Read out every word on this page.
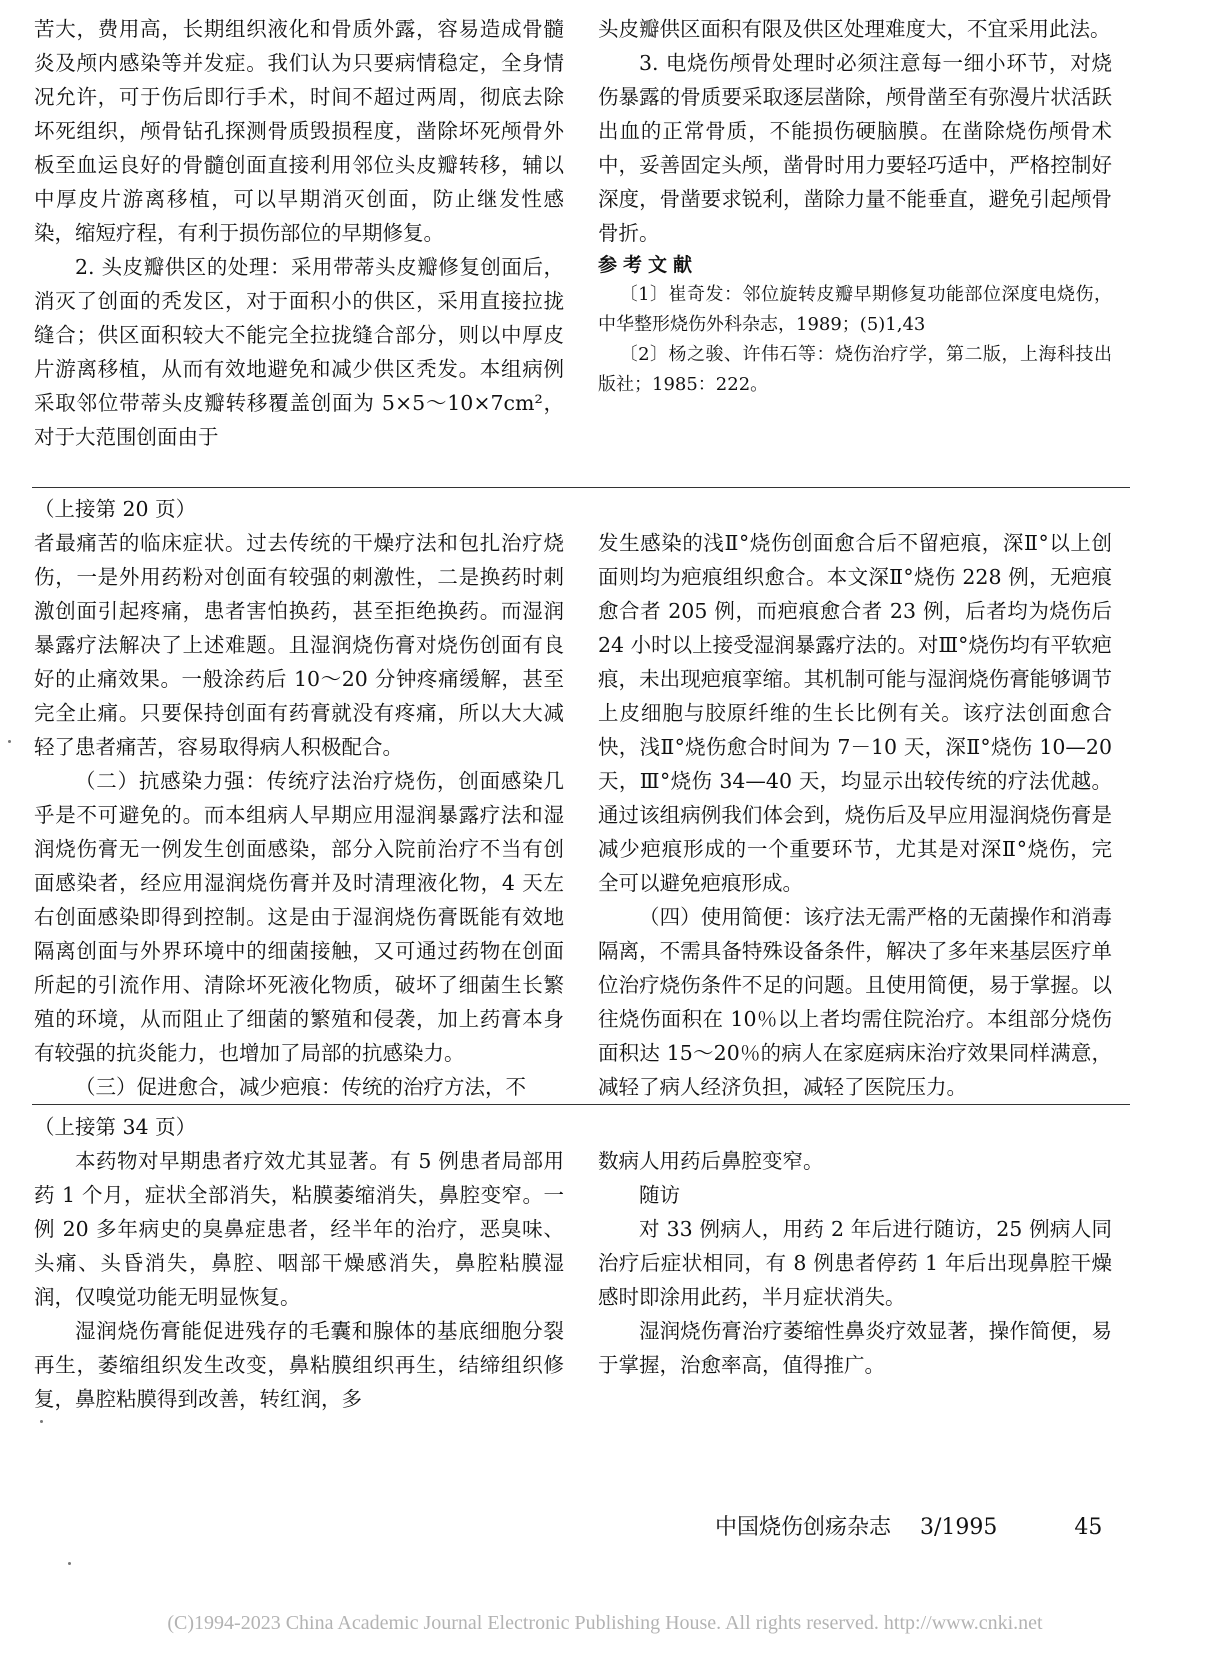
苦大，费用高，长期组织液化和骨质外露，容易造成骨髓炎及颅内感染等并发症。我们认为只要病情稳定，全身情况允许，可于伤后即行手术，时间不超过两周，彻底去除坏死组织，颅骨钻孔探测骨质毁损程度，凿除坏死颅骨外板至血运良好的骨髓创面直接利用邻位头皮瓣转移，辅以中厚皮片游离移植，可以早期消灭创面，防止继发性感染，缩短疗程，有利于损伤部位的早期修复。

2. 头皮瓣供区的处理：采用带蒂头皮瓣修复创面后，消灭了创面的秃发区，对于面积小的供区，采用直接拉拢缝合；供区面积较大不能完全拉拢缝合部分，则以中厚皮片游离移植，从而有效地避免和减少供区秃发。本组病例采取邻位带蒂头皮瓣转移覆盖创面为 5×5～10×7cm²，对于大范围创面由于

头皮瓣供区面积有限及供区处理难度大，不宜采用此法。

3. 电烧伤颅骨处理时必须注意每一细小环节，对烧伤暴露的骨质要采取逐层凿除，颅骨凿至有弥漫片状活跃出血的正常骨质，不能损伤硬脑膜。在凿除烧伤颅骨术中，妥善固定头颅，凿骨时用力要轻巧适中，严格控制好深度，骨凿要求锐利，凿除力量不能垂直，避免引起颅骨骨折。

参考文献

〔1〕崔奇发：邻位旋转皮瓣早期修复功能部位深度电烧伤，中华整形烧伤外科杂志，1989；(5)1,43

〔2〕杨之骏、许伟石等：烧伤治疗学，第二版，上海科技出版社；1985：222。

（上接第 20 页）

者最痛苦的临床症状。过去传统的干燥疗法和包扎治疗烧伤，一是外用药粉对创面有较强的刺激性，二是换药时刺激创面引起疼痛，患者害怕换药，甚至拒绝换药。而湿润暴露疗法解决了上述难题。且湿润烧伤膏对烧伤创面有良好的止痛效果。一般涂药后 10～20 分钟疼痛缓解，甚至完全止痛。只要保持创面有药膏就没有疼痛，所以大大减轻了患者痛苦，容易取得病人积极配合。

（二）抗感染力强：传统疗法治疗烧伤，创面感染几乎是不可避免的。而本组病人早期应用湿润暴露疗法和湿润烧伤膏无一例发生创面感染，部分入院前治疗不当有创面感染者，经应用湿润烧伤膏并及时清理液化物，4 天左右创面感染即得到控制。这是由于湿润烧伤膏既能有效地隔离创面与外界环境中的细菌接触，又可通过药物在创面所起的引流作用、清除坏死液化物质，破坏了细菌生长繁殖的环境，从而阻止了细菌的繁殖和侵袭，加上药膏本身有较强的抗炎能力，也增加了局部的抗感染力。

（三）促进愈合，减少疤痕：传统的治疗方法，不

发生感染的浅Ⅱ°烧伤创面愈合后不留疤痕，深Ⅱ°以上创面则均为疤痕组织愈合。本文深Ⅱ°烧伤 228 例，无疤痕愈合者 205 例，而疤痕愈合者 23 例，后者均为烧伤后 24 小时以上接受湿润暴露疗法的。对Ⅲ°烧伤均有平软疤痕，未出现疤痕挛缩。其机制可能与湿润烧伤膏能够调节上皮细胞与胶原纤维的生长比例有关。该疗法创面愈合快，浅Ⅱ°烧伤愈合时间为 7－10 天，深Ⅱ°烧伤 10—20 天，Ⅲ°烧伤 34—40 天，均显示出较传统的疗法优越。通过该组病例我们体会到，烧伤后及早应用湿润烧伤膏是减少疤痕形成的一个重要环节，尤其是对深Ⅱ°烧伤，完全可以避免疤痕形成。

（四）使用简便：该疗法无需严格的无菌操作和消毒隔离，不需具备特殊设备条件，解决了多年来基层医疗单位治疗烧伤条件不足的问题。且使用简便，易于掌握。以往烧伤面积在 10％以上者均需住院治疗。本组部分烧伤面积达 15～20％的病人在家庭病床治疗效果同样满意，减轻了病人经济负担，减轻了医院压力。

（上接第 34 页）

本药物对早期患者疗效尤其显著。有 5 例患者局部用药 1 个月，症状全部消失，粘膜萎缩消失，鼻腔变窄。一例 20 多年病史的臭鼻症患者，经半年的治疗，恶臭味、头痛、头昏消失，鼻腔、咽部干燥感消失，鼻腔粘膜湿润，仅嗅觉功能无明显恢复。

湿润烧伤膏能促进残存的毛囊和腺体的基底细胞分裂再生，萎缩组织发生改变，鼻粘膜组织再生，结缔组织修复，鼻腔粘膜得到改善，转红润，多

数病人用药后鼻腔变窄。

随访

对 33 例病人，用药 2 年后进行随访，25 例病人同治疗后症状相同，有 8 例患者停药 1 年后出现鼻腔干燥感时即涂用此药，半月症状消失。

湿润烧伤膏治疗萎缩性鼻炎疗效显著，操作简便，易于掌握，治愈率高，值得推广。

中国烧伤创疡杂志 3/1995	45
(C)1994-2023 China Academic Journal Electronic Publishing House. All rights reserved. http://www.cnki.net
